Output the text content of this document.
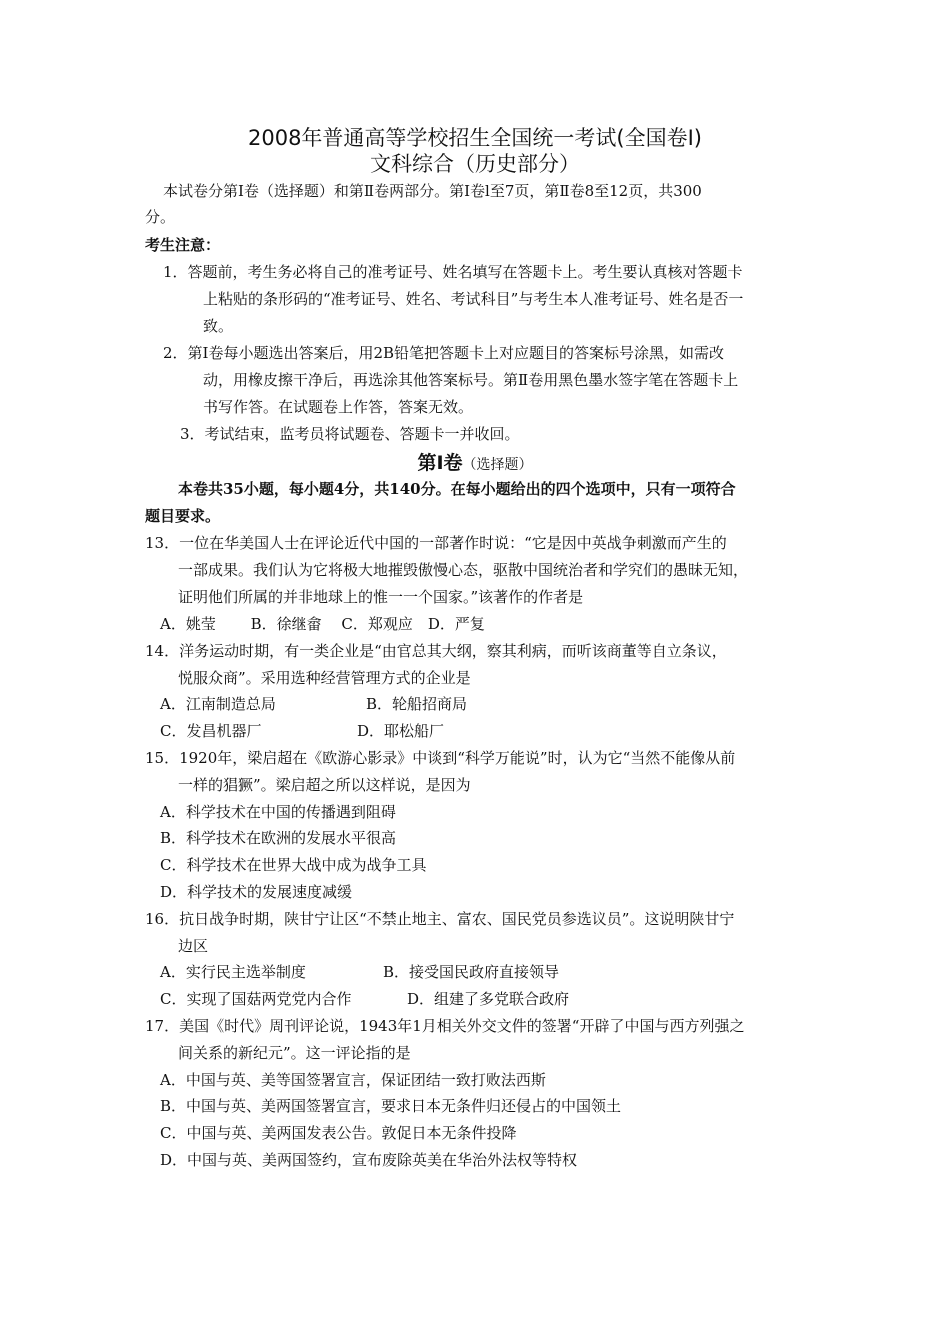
2008年普通高等学校招生全国统一考试(全国卷Ⅰ)
文科综合（历史部分）
本试卷分第Ⅰ卷（选择题）和第Ⅱ卷两部分。第Ⅰ卷l至7页，第Ⅱ卷8至12页，共300
分。
考生注意：
1．答题前，考生务必将自己的准考证号、姓名填写在答题卡上。考生要认真核对答题卡
上粘贴的条形码的“准考证号、姓名、考试科目”与考生本人准考证号、姓名是否一
致。
2．第Ⅰ卷每小题选出答案后，用2B铅笔把答题卡上对应题目的答案标号涂黑，如需改
动，用橡皮擦干净后，再选涂其他答案标号。第Ⅱ卷用黑色墨水签字笔在答题卡上
书写作答。在试题卷上作答，答案无效。
3．考试结束，监考员将试题卷、答题卡一并收回。
第Ⅰ卷（选择题）
本卷共35小题，每小题4分，共140分。在每小题给出的四个选项中，只有一项符合
题目要求。
13．一位在华美国人士在评论近代中国的一部著作时说：“它是因中英战争刺激而产生的
一部成果。我们认为它将极大地摧毁傲慢心态，驱散中国统治者和学究们的愚昧无知，
证明他们所属的并非地球上的惟一一个国家。”该著作的作者是
A．姚莹　　 B．徐继畲　 C．郑观应　D．严复
14．洋务运动时期，有一类企业是“由官总其大纲，察其利病，而听该商董等自立条议，
悦服众商”。采用选种经营管理方式的企业是
A．江南制造总局	B．轮船招商局
C．发昌机器厂	D．耶松船厂
15．1920年，梁启超在《欧游心影录》中谈到“科学万能说”时，认为它“当然不能像从前
一样的猖獗”。梁启超之所以这样说，是因为
A．科学技术在中国的传播遇到阻碍
B．科学技术在欧洲的发展水平很高
C．科学技术在世界大战中成为战争工具
D．科学技术的发展速度减缓
16．抗日战争时期，陕甘宁让区“不禁止地主、富农、国民党员参选议员”。这说明陕甘宁
边区
A．实行民主选举制度	B．接受国民政府直接领导
C．实现了国菇两党党内合作	D．组建了多党联合政府
17．美国《时代》周刊评论说，1943年1月相关外交文件的签署“开辟了中国与西方列强之
间关系的新纪元”。这一评论指的是
A．中国与英、美等国签署宣言，保证团结一致打败法西斯
B．中国与英、美两国签署宣言，要求日本无条件归还侵占的中国领土
C．中国与英、美两国发表公告。敦促日本无条件投降
D．中国与英、美两国签约，宣布废除英美在华治外法权等特权
